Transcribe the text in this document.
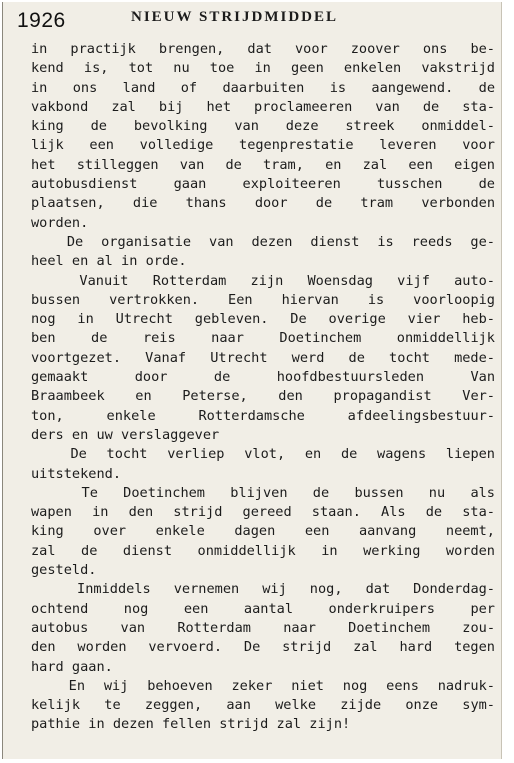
1926	NIEUW STRIJDMIDDEL
in practijk brengen, dat voor zoover ons be-
kend is, tot nu toe in geen enkelen vakstrijd
in ons land of daarbuiten is aangewend. de
vakbond zal bij het proclameeren van de sta-
king de bevolking van deze streek onmiddel-
lijk een volledige tegenprestatie leveren voor
het stilleggen van de tram, en zal een eigen
autobusdienst gaan exploiteeren tusschen de
plaatsen, die thans door de tram verbonden
worden.
De organisatie van dezen dienst is reeds ge-
heel en al in orde.
Vanuit Rotterdam zijn Woensdag vijf auto-
bussen vertrokken. Een hiervan is voorloopig
nog in Utrecht gebleven. De overige vier heb-
ben de reis naar Doetinchem onmiddellijk
voortgezet. Vanaf Utrecht werd de tocht mede-
gemaakt door de hoofdbestuursleden Van
Braambeek en Peterse, den propagandist Ver-
ton, enkele Rotterdamsche afdeelingsbestuur-
ders en uw verslaggever
De tocht verliep vlot, en de wagens liepen
uitstekend.
Te Doetinchem blijven de bussen nu als
wapen in den strijd gereed staan. Als de sta-
king over enkele dagen een aanvang neemt,
zal de dienst onmiddellijk in werking worden
gesteld.
Inmiddels vernemen wij nog, dat Donderdag-
ochtend nog een aantal onderkruipers per
autobus van Rotterdam naar Doetinchem zou-
den worden vervoerd. De strijd zal hard tegen
hard gaan.
En wij behoeven zeker niet nog eens nadruk-
kelijk te zeggen, aan welke zijde onze sym-
pathie in dezen fellen strijd zal zijn!
